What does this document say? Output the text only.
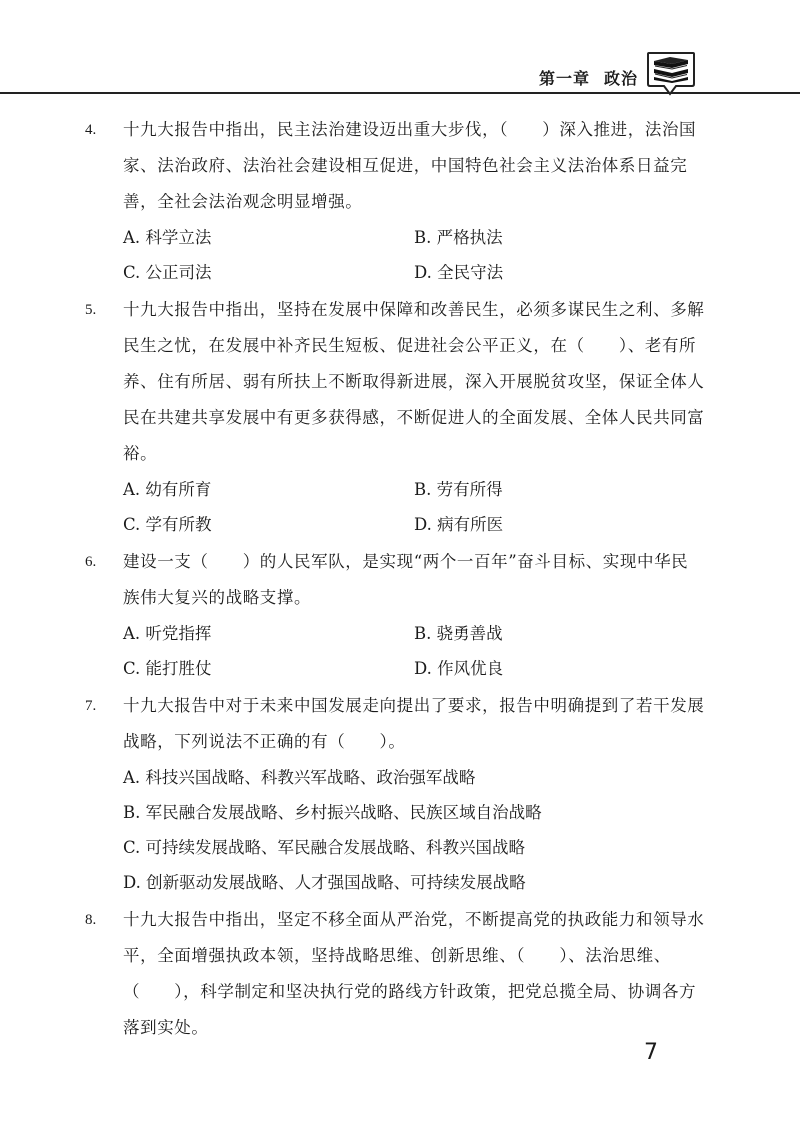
第一章 政治
4.	十九大报告中指出，民主法治建设迈出重大步伐，（　　）深入推进，法治国家、法治政府、法治社会建设相互促进，中国特色社会主义法治体系日益完善，全社会法治观念明显增强。
A. 科学立法	B. 严格执法
C. 公正司法	D. 全民守法
5.	十九大报告中指出，坚持在发展中保障和改善民生，必须多谋民生之利、多解民生之忧，在发展中补齐民生短板、促进社会公平正义，在（　　）、老有所养、住有所居、弱有所扶上不断取得新进展，深入开展脱贫攻坚，保证全体人民在共建共享发展中有更多获得感，不断促进人的全面发展、全体人民共同富裕。
A. 幼有所育	B. 劳有所得
C. 学有所教	D. 病有所医
6.	建设一支（　　）的人民军队，是实现“两个一百年”奋斗目标、实现中华民族伟大复兴的战略支撑。
A. 听党指挥	B. 骁勇善战
C. 能打胜仗	D. 作风优良
7.	十九大报告中对于未来中国发展走向提出了要求，报告中明确提到了若干发展战略，下列说法不正确的有（　　）。
A. 科技兴国战略、科教兴军战略、政治强军战略
B. 军民融合发展战略、乡村振兴战略、民族区域自治战略
C. 可持续发展战略、军民融合发展战略、科教兴国战略
D. 创新驱动发展战略、人才强国战略、可持续发展战略
8.	十九大报告中指出，坚定不移全面从严治党，不断提高党的执政能力和领导水平，全面增强执政本领，坚持战略思维、创新思维、（　　）、法治思维、（　　），科学制定和坚决执行党的路线方针政策，把党总揽全局、协调各方落到实处。
7
